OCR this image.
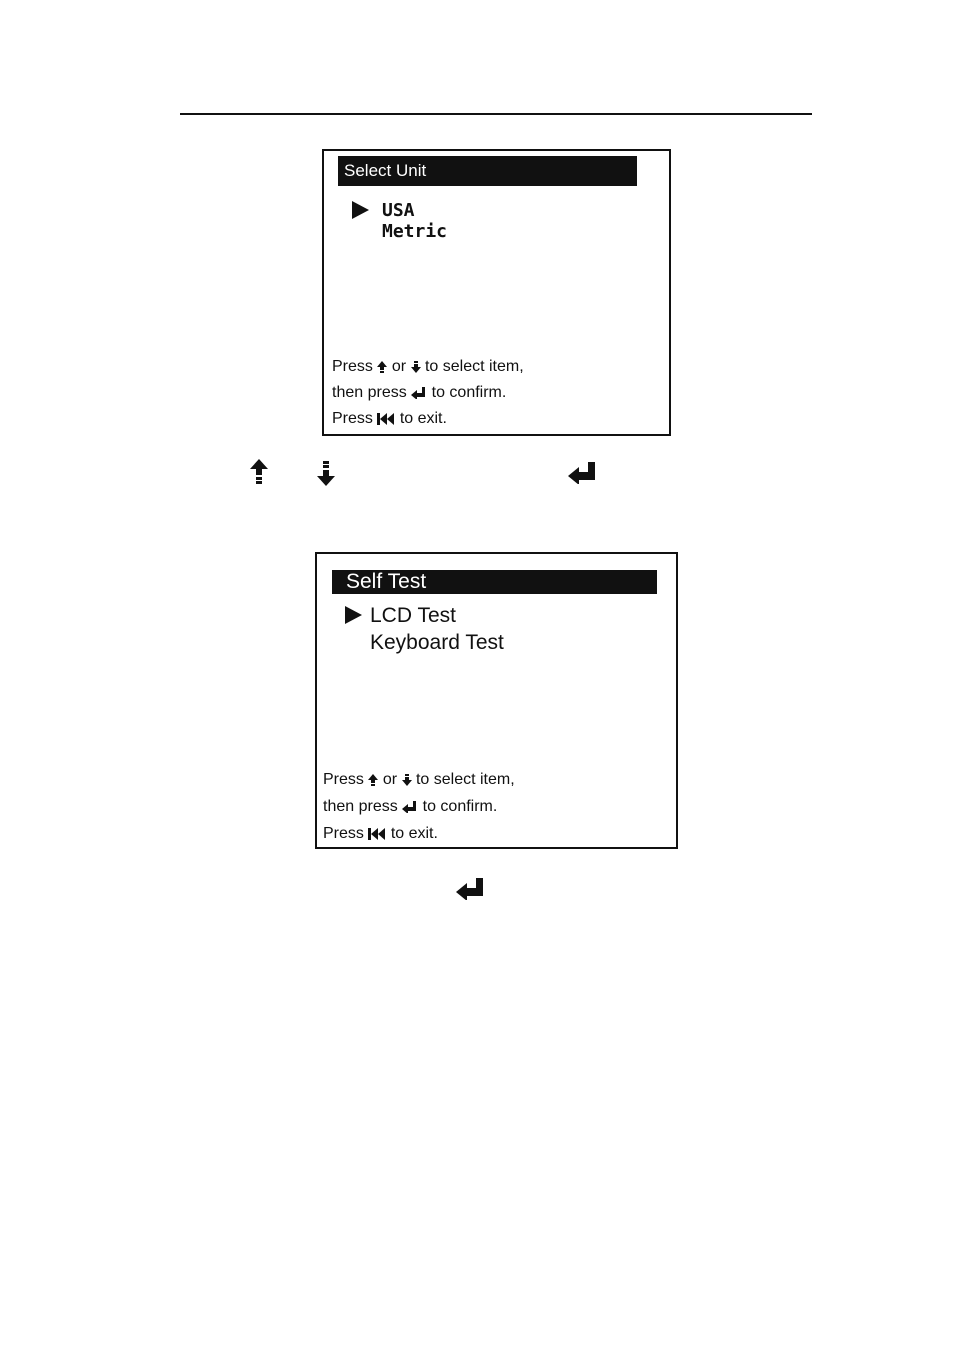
Select Unit
USA
Metric
Press or to select item,
then press to confirm.
Press to exit.
Self Test
LCD Test
Keyboard Test
Press or to select item,
then press to confirm.
Press to exit.
